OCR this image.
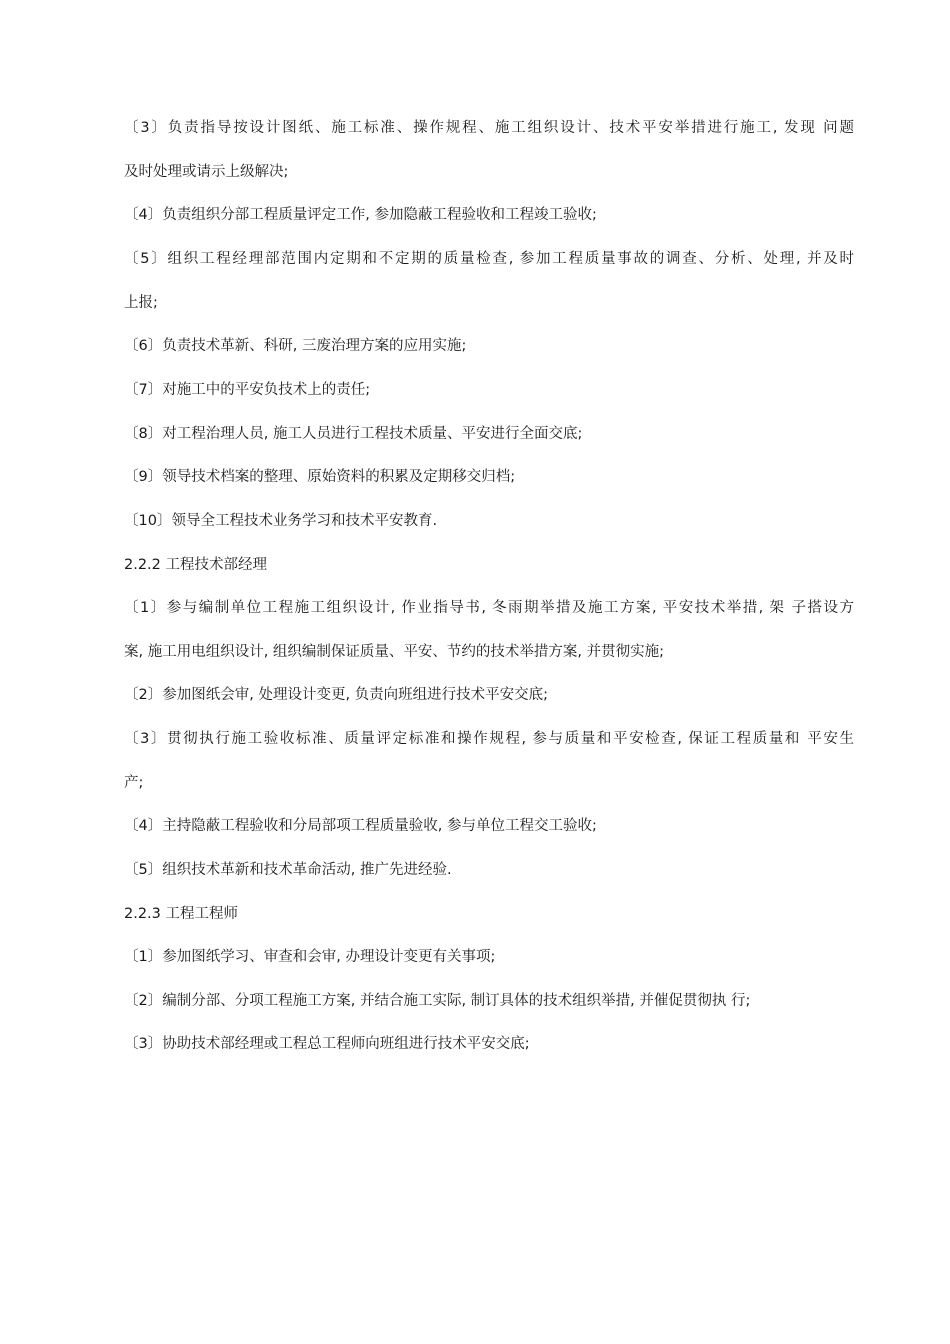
〔3〕负责指导按设计图纸、施工标准、操作规程、施工组织设计、技术平安举措进行施工, 发现 问题
及时处理或请示上级解决;
〔4〕负责组织分部工程质量评定工作, 参加隐蔽工程验收和工程竣工验收;
〔5〕组织工程经理部范围内定期和不定期的质量检查, 参加工程质量事故的调查、分析、处理, 并及时
上报;
〔6〕负责技术革新、科研, 三废治理方案的应用实施;
〔7〕对施工中的平安负技术上的责任;
〔8〕对工程治理人员, 施工人员进行工程技术质量、平安进行全面交底;
〔9〕领导技术档案的整理、原始资料的积累及定期移交归档;
〔10〕领导全工程技术业务学习和技术平安教育.
2.2.2 工程技术部经理
〔1〕参与编制单位工程施工组织设计, 作业指导书, 冬雨期举措及施工方案, 平安技术举措, 架 子搭设方
案, 施工用电组织设计, 组织编制保证质量、平安、节约的技术举措方案, 并贯彻实施;
〔2〕参加图纸会审, 处理设计变更, 负责向班组进行技术平安交底;
〔3〕贯彻执行施工验收标准、质量评定标准和操作规程, 参与质量和平安检查, 保证工程质量和 平安生
产;
〔4〕主持隐蔽工程验收和分局部项工程质量验收, 参与单位工程交工验收;
〔5〕组织技术革新和技术革命活动, 推广先进经验.
2.2.3 工程工程师
〔1〕参加图纸学习、审查和会审, 办理设计变更有关事项;
〔2〕编制分部、分项工程施工方案, 并结合施工实际, 制订具体的技术组织举措, 并催促贯彻执 行;
〔3〕协助技术部经理或工程总工程师向班组进行技术平安交底;
